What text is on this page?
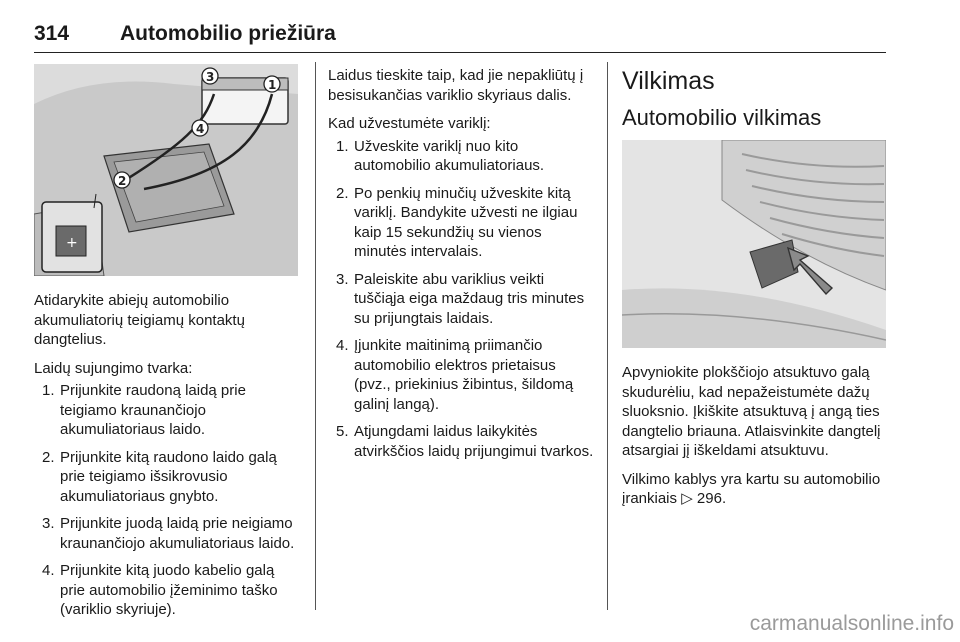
314 Automobilio priežiūra
+
1
2
3
4

Atidarykite abiejų automobilio akumuliatorių teigiamų kontaktų dangtelius.

Laidų sujungimo tvarka:

1. Prijunkite raudoną laidą prie teigiamo kraunančiojo akumuliatoriaus laido.
2. Prijunkite kitą raudono laido galą prie teigiamo išsikrovusio akumuliatoriaus gnybto.
3. Prijunkite juodą laidą prie neigiamo kraunančiojo akumuliatoriaus laido.
4. Prijunkite kitą juodo kabelio galą prie automobilio įžeminimo taško (variklio skyriuje).

Laidus tieskite taip, kad jie nepakliūtų į besisukančias variklio skyriaus dalis.

Kad užvestumėte variklį:

1. Užveskite variklį nuo kito automobilio akumuliatoriaus.
2. Po penkių minučių užveskite kitą variklį. Bandykite užvesti ne ilgiau kaip 15 sekundžių su vienos minutės intervalais.
3. Paleiskite abu variklius veikti tuščiąja eiga maždaug tris minutes su prijungtais laidais.
4. Įjunkite maitinimą priimančio automobilio elektros prietaisus (pvz., priekinius žibintus, šildomą galinį langą).
5. Atjungdami laidus laikykitės atvirkščios laidų prijungimui tvarkos.
Vilkimas
Automobilio vilkimas

Apvyniokite plokščiojo atsuktuvo galą skudurėliu, kad nepažeistumėte dažų sluoksnio. Įkiškite atsuktuvą į angą ties dangtelio briauna. Atlaisvinkite dangtelį atsargiai jį iškeldami atsuktuvu.

Vilkimo kablys yra kartu su automobilio įrankiais ▷ 296.

carmanualsonline.info
